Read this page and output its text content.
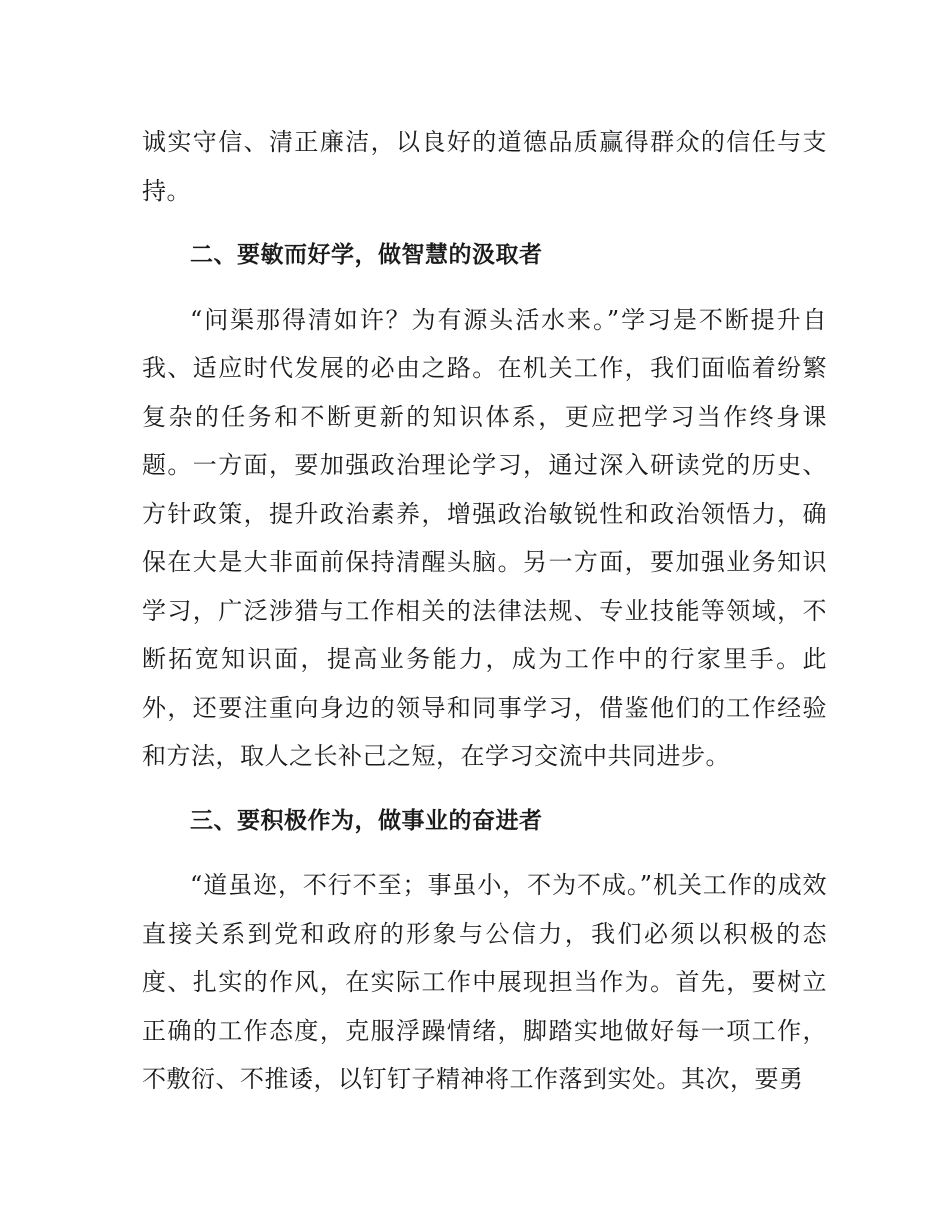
诚实守信、清正廉洁，以良好的道德品质赢得群众的信任与支持。

二、要敏而好学，做智慧的汲取者

“问渠那得清如许？为有源头活水来。”学习是不断提升自我、适应时代发展的必由之路。在机关工作，我们面临着纷繁复杂的任务和不断更新的知识体系，更应把学习当作终身课题。一方面，要加强政治理论学习，通过深入研读党的历史、方针政策，提升政治素养，增强政治敏锐性和政治领悟力，确保在大是大非面前保持清醒头脑。另一方面，要加强业务知识学习，广泛涉猎与工作相关的法律法规、专业技能等领域，不断拓宽知识面，提高业务能力，成为工作中的行家里手。此外，还要注重向身边的领导和同事学习，借鉴他们的工作经验和方法，取人之长补己之短，在学习交流中共同进步。

三、要积极作为，做事业的奋进者

“道虽迩，不行不至；事虽小，不为不成。”机关工作的成效直接关系到党和政府的形象与公信力，我们必须以积极的态度、扎实的作风，在实际工作中展现担当作为。首先，要树立正确的工作态度，克服浮躁情绪，脚踏实地做好每一项工作，不敷衍、不推诿，以钉钉子精神将工作落到实处。其次，要勇
